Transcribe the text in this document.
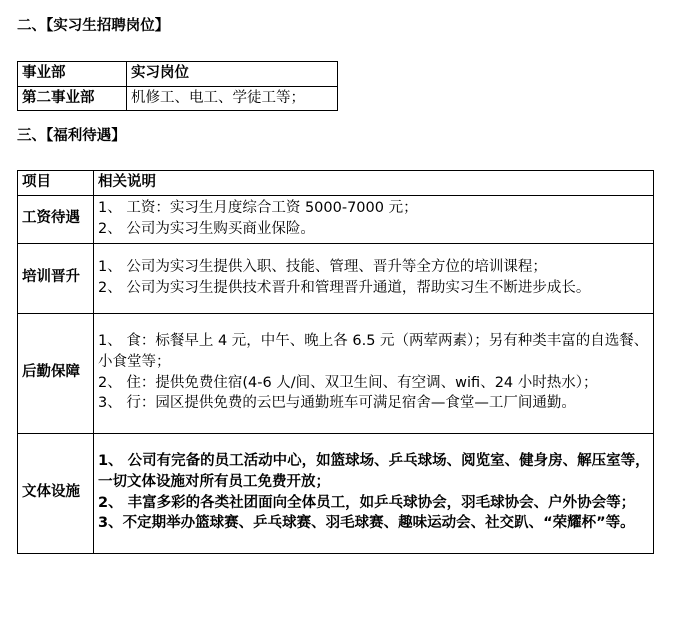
二、【实习生招聘岗位】
事业部	实习岗位
第二事业部	机修工、电工、学徒工等；
三、【福利待遇】
项目	相关说明
工资待遇	1、 工资：实习生月度综合工资 5000-7000 元；

2、 公司为实习生购买商业保险。

培训晋升	1、 公司为实习生提供入职、技能、管理、晋升等全方位的培训课程；

2、 公司为实习生提供技术晋升和管理晋升通道，帮助实习生不断进步成长。

后勤保障	1、 食：标餐早上 4 元，中午、晚上各 6.5 元（两荤两素）；另有种类丰富的自选餐、小食堂等；

2、 住：提供免费住宿(4-6 人/间、双卫生间、有空调、wifi、24 小时热水）；

3、 行：园区提供免费的云巴与通勤班车可满足宿舍—食堂—工厂间通勤。

文体设施	1、 公司有完备的员工活动中心，如篮球场、乒乓球场、阅览室、健身房、解压室等，一切文体设施对所有员工免费开放；

2、 丰富多彩的各类社团面向全体员工，如乒乓球协会，羽毛球协会、户外协会等；

3、不定期举办篮球赛、乒乓球赛、羽毛球赛、趣味运动会、社交趴、“荣耀杯”等。
